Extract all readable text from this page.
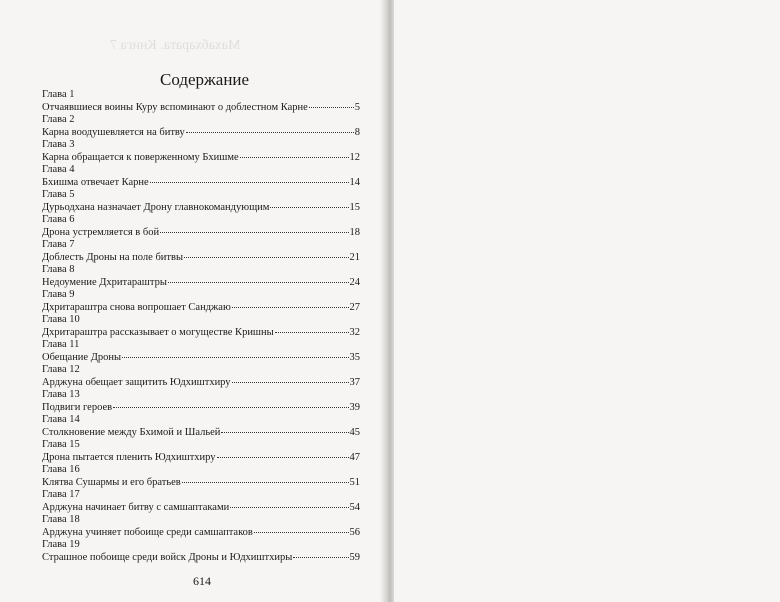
Махабхарата. Книга 7
Содержание
Глава 1
Отчаявшиеся воины Куру вспоминают о доблестном Карне	5
Глава 2
Карна воодушевляется на битву	8
Глава 3
Карна обращается к поверженному Бхишме	12
Глава 4
Бхишма отвечает Карне	14
Глава 5
Дурьодхана назначает Дрону главнокомандующим	15
Глава 6
Дрона устремляется в бой	18
Глава 7
Доблесть Дроны на поле битвы	21
Глава 8
Недоумение Дхритараштры	24
Глава 9
Дхритараштра снова вопрошает Санджаю	27
Глава 10
Дхритараштра рассказывает о могуществе Кришны	32
Глава 11
Обещание Дроны	35
Глава 12
Арджуна обещает защитить Юдхиштхиру	37
Глава 13
Подвиги героев	39
Глава 14
Столкновение между Бхимой и Шальей	45
Глава 15
Дрона пытается пленить Юдхиштхиру	47
Глава 16
Клятва Сушармы и его братьев	51
Глава 17
Арджуна начинает битву с самшаптаками	54
Глава 18
Арджуна учиняет побоище среди самшаптаков	56
Глава 19
Страшное побоище среди войск Дроны и Юдхиштхиры	59
614
